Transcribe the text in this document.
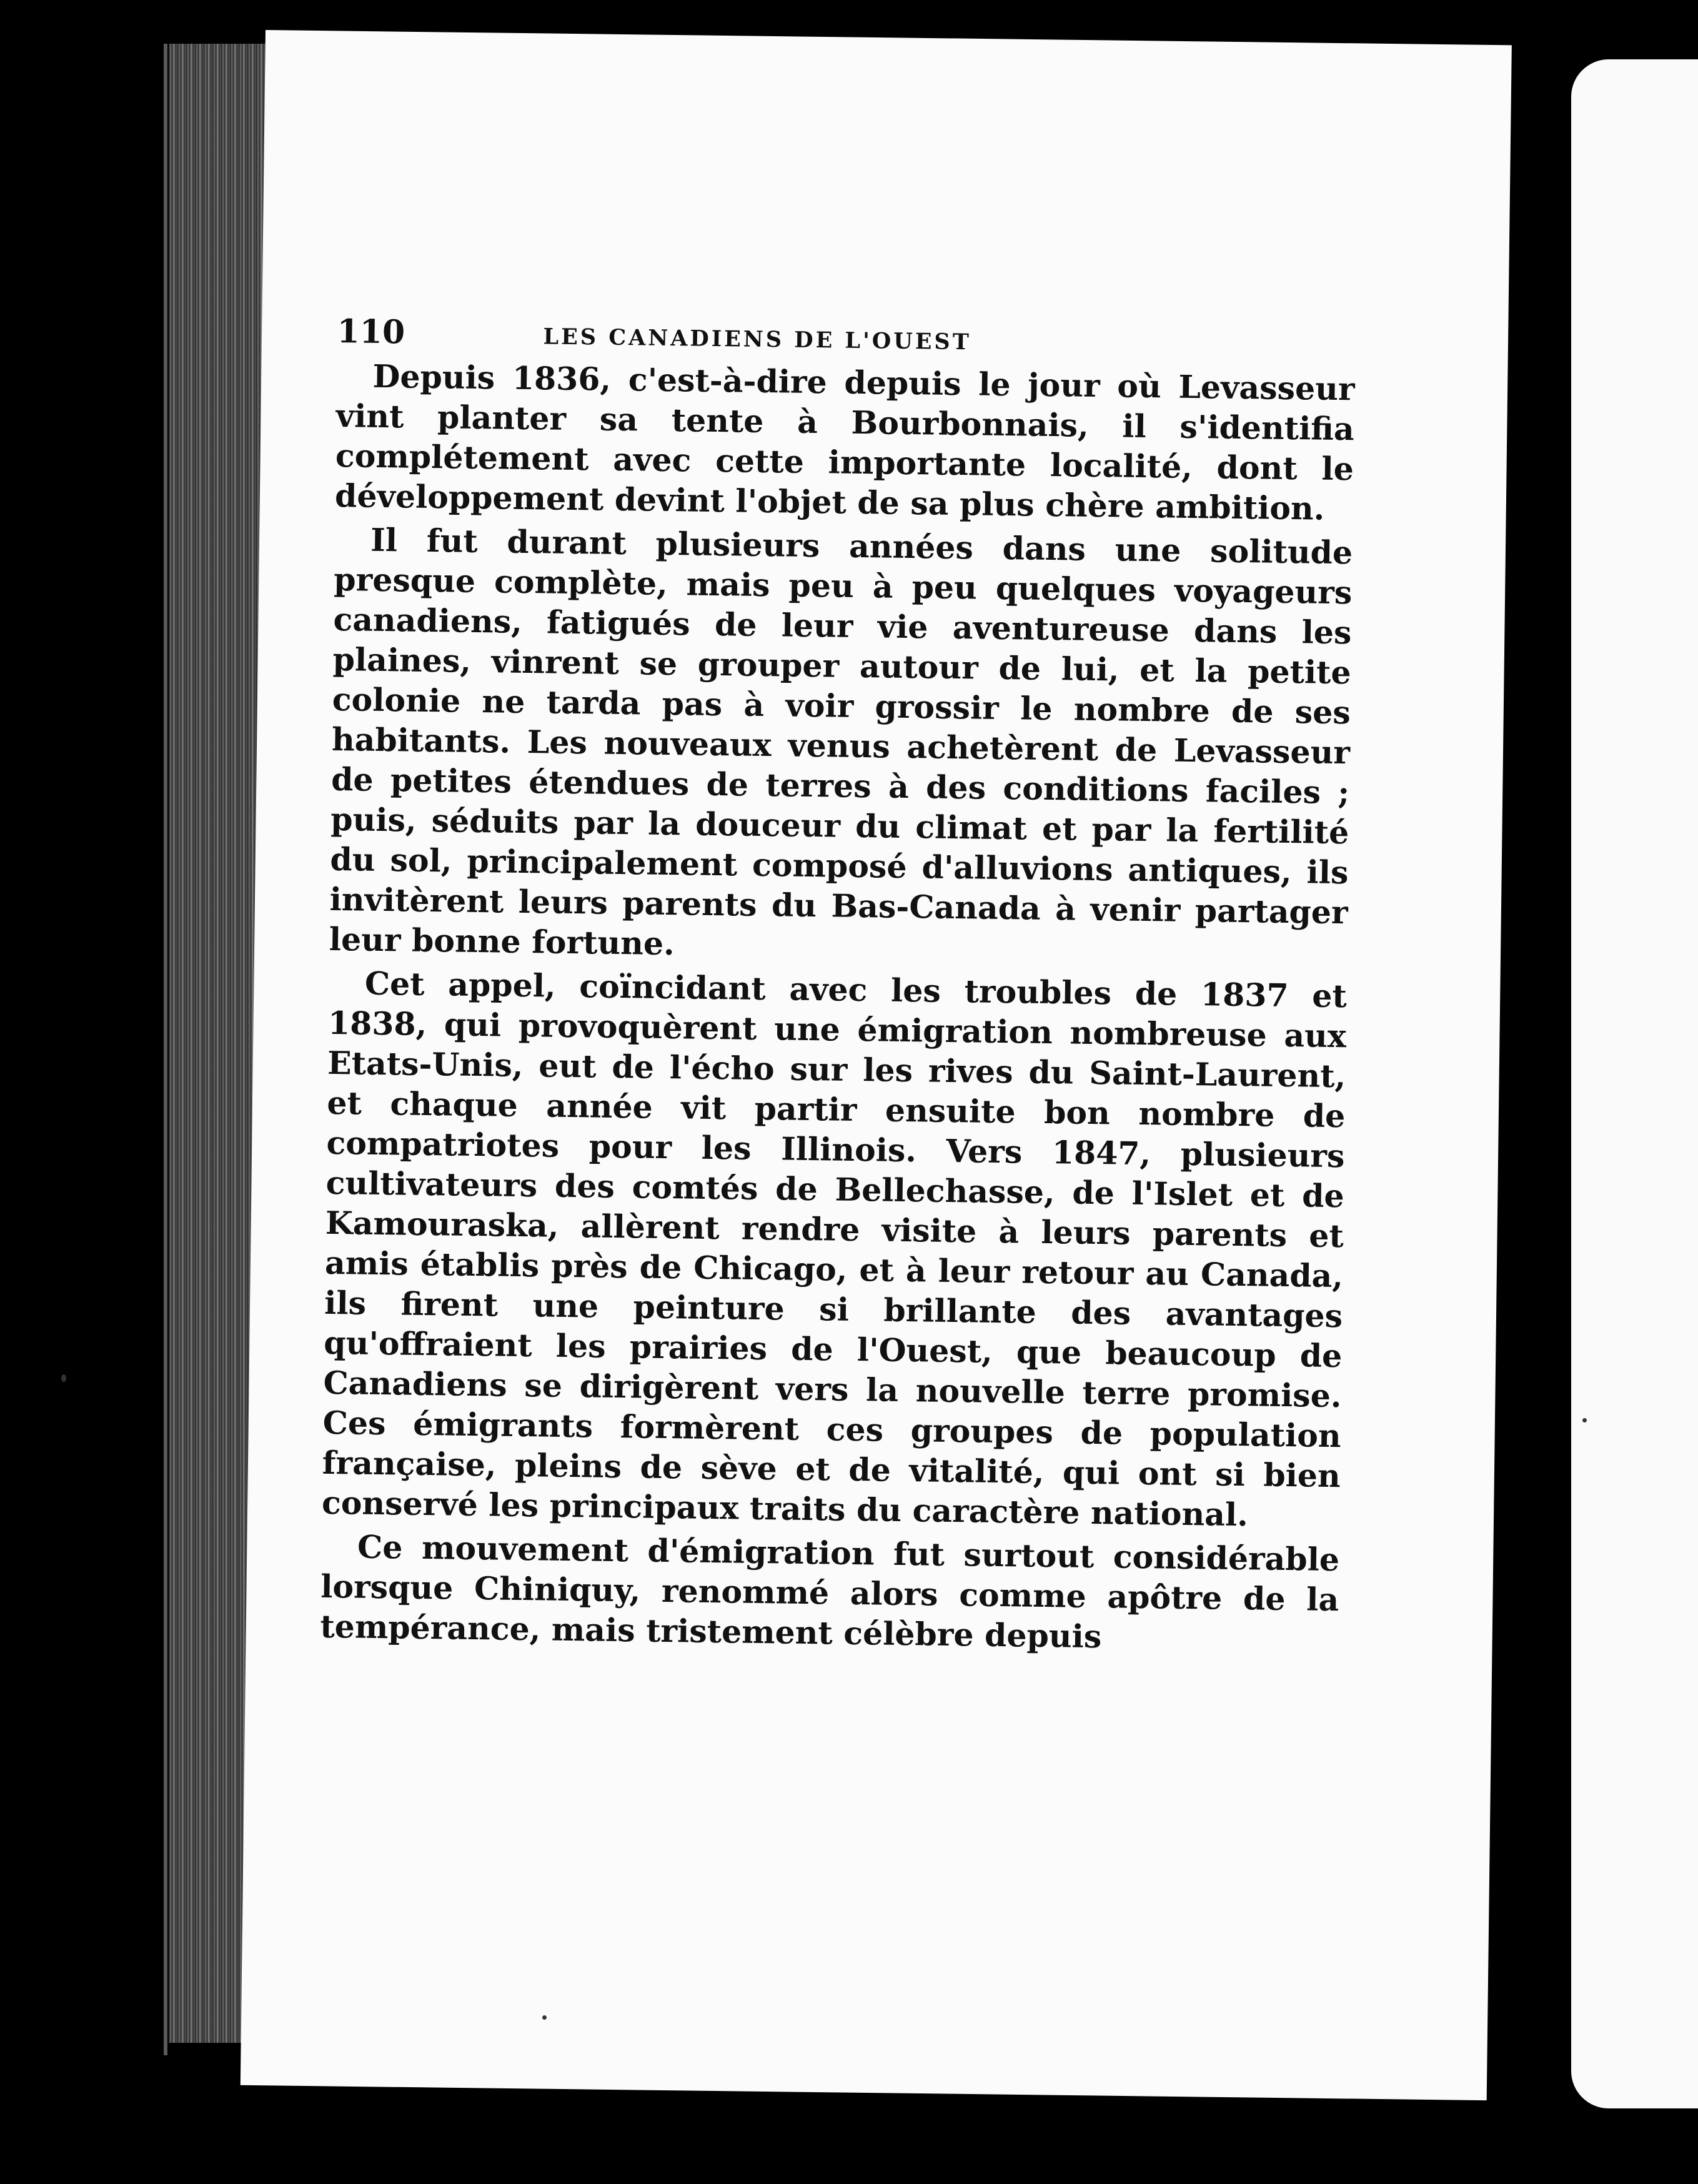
110	LES CANADIENS DE L'OUEST

Depuis 1836, c'est-à-dire depuis le jour où Levasseur vint planter sa tente à Bourbonnais, il s'identifia complétement avec cette importante localité, dont le développement devint l'objet de sa plus chère ambition.

Il fut durant plusieurs années dans une solitude presque complète, mais peu à peu quelques voyageurs canadiens, fatigués de leur vie aventureuse dans les plaines, vinrent se grouper autour de lui, et la petite colonie ne tarda pas à voir grossir le nombre de ses habitants. Les nouveaux venus achetèrent de Levasseur de petites étendues de terres à des conditions faciles ; puis, séduits par la douceur du climat et par la fertilité du sol, principalement composé d'alluvions antiques, ils invitèrent leurs parents du Bas-Canada à venir partager leur bonne fortune.

Cet appel, coïncidant avec les troubles de 1837 et 1838, qui provoquèrent une émigration nombreuse aux Etats-Unis, eut de l'écho sur les rives du Saint-Laurent, et chaque année vit partir ensuite bon nombre de compatriotes pour les Illinois. Vers 1847, plusieurs cultivateurs des comtés de Bellechasse, de l'Islet et de Kamouraska, allèrent rendre visite à leurs parents et amis établis près de Chicago, et à leur retour au Canada, ils firent une peinture si brillante des avantages qu'offraient les prairies de l'Ouest, que beaucoup de Canadiens se dirigèrent vers la nouvelle terre promise. Ces émigrants formèrent ces groupes de population française, pleins de sève et de vitalité, qui ont si bien conservé les principaux traits du caractère national.

Ce mouvement d'émigration fut surtout considérable lorsque Chiniquy, renommé alors comme apôtre de la tempérance, mais tristement célèbre depuis
